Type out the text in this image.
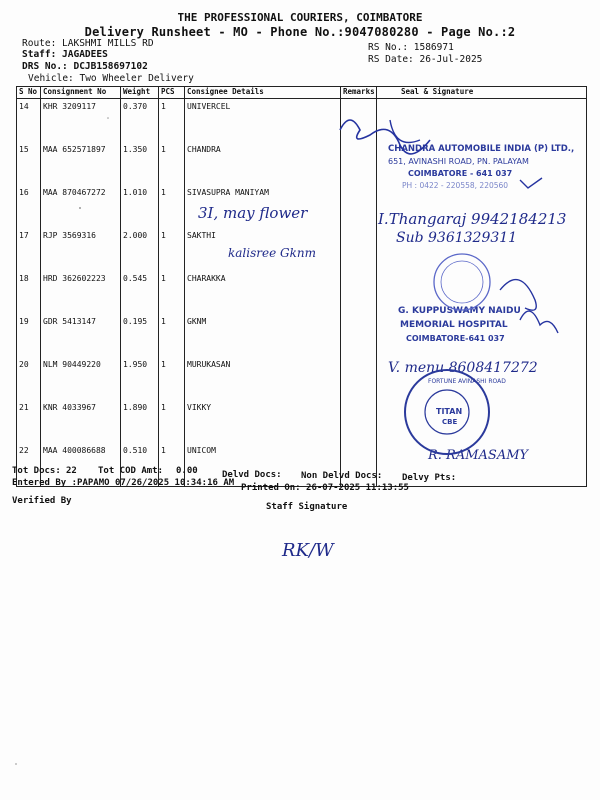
THE PROFESSIONAL COURIERS, COIMBATORE
Delivery Runsheet - MO - Phone No.:9047080280 - Page No.:2
Route: LAKSHMI MILLS RD
Staff: JAGADEES
DRS No.: DCJB158697102
Vehicle: Two Wheeler Delivery
RS No.: 1586971
RS Date: 26-Jul-2025
S No	Consignment No	Weight	PCS	Consignee Details	Remarks	Seal & Signature
14	KHR 3209117	0.370	1	UNIVERCEL		
15	MAA 652571897	1.350	1	CHANDRA		
16	MAA 870467272	1.010	1	SIVASUPRA MANIYAM		
17	RJP 3569316	2.000	1	SAKTHI		
18	HRD 362602223	0.545	1	CHARAKKA		
19	GDR 5413147	0.195	1	GKNM		
20	NLM 90449220	1.950	1	MURUKASAN		
21	KNR 4033967	1.890	1	VIKKY		
22	MAA 400086688	0.510	1	UNICOM		
Tot Docs: 22 Tot COD Amt: 0.00	Delvd Docs: Non Delvd Docs: Delvy Pts:
Entered By :PAPAMO 07/26/2025 10:34:16 AM Printed On: 26-07-2025 11:13:55
Verified By
Staff Signature
CHANDRA AUTOMOBILE INDIA (P) LTD.,
651, AVINASHI ROAD, PN. PALAYAM
COIMBATORE - 641 037
PH : 0422 - 220558, 220560
G. KUPPUSWAMY NAIDU
MEMORIAL HOSPITAL
COIMBATORE-641 037
TITAN
CBE
FORTUNE AVINASHI ROAD
3I, may flower
kalisree Gknm
I.Thangaraj 9942184213
Sub 9361329311
V. menu 8608417272
R. RAMASAMY
RK/W
